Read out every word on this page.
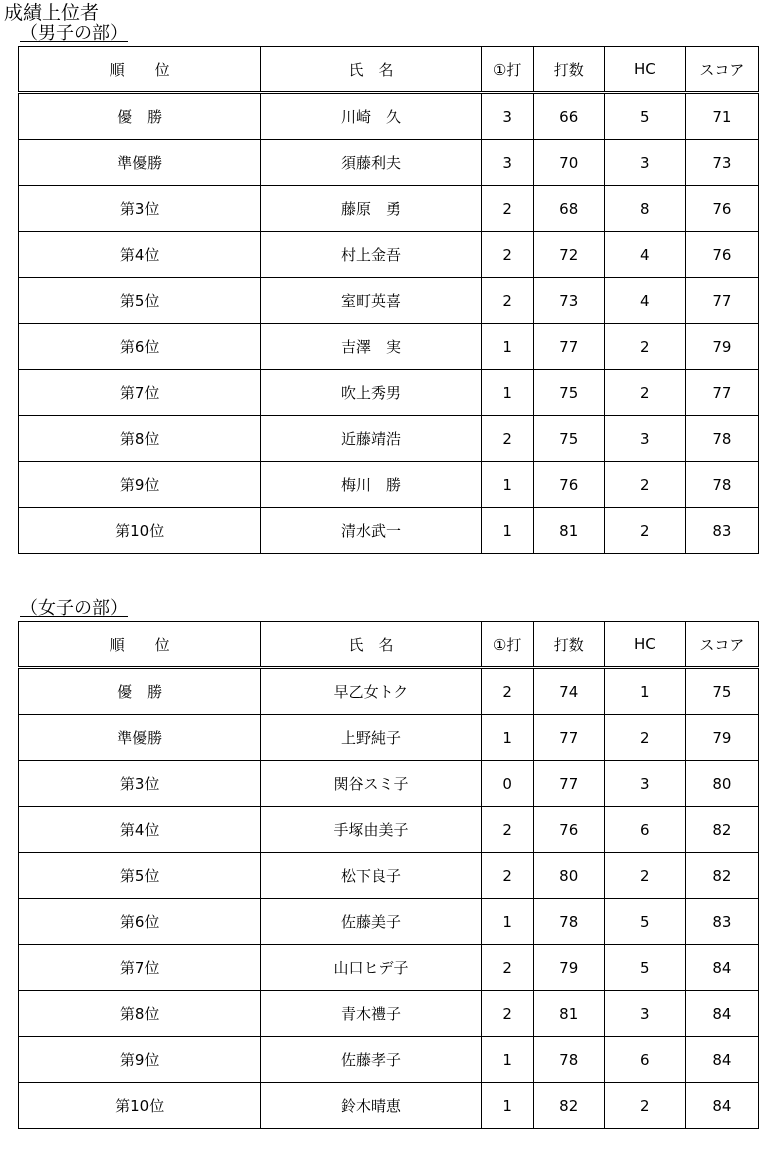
成績上位者
（男子の部）
順　　位	氏　名	①打	打数	HC	スコア
優　勝	川崎　久	3	66	5	71
準優勝	須藤利夫	3	70	3	73
第3位	藤原　勇	2	68	8	76
第4位	村上金吾	2	72	4	76
第5位	室町英喜	2	73	4	77
第6位	吉澤　実	1	77	2	79
第7位	吹上秀男	1	75	2	77
第8位	近藤靖浩	2	75	3	78
第9位	梅川　勝	1	76	2	78
第10位	清水武一	1	81	2	83
（女子の部）
順　　位	氏　名	①打	打数	HC	スコア
優　勝	早乙女トク	2	74	1	75
準優勝	上野純子	1	77	2	79
第3位	関谷スミ子	0	77	3	80
第4位	手塚由美子	2	76	6	82
第5位	松下良子	2	80	2	82
第6位	佐藤美子	1	78	5	83
第7位	山口ヒデ子	2	79	5	84
第8位	青木禮子	2	81	3	84
第9位	佐藤孝子	1	78	6	84
第10位	鈴木晴恵	1	82	2	84
